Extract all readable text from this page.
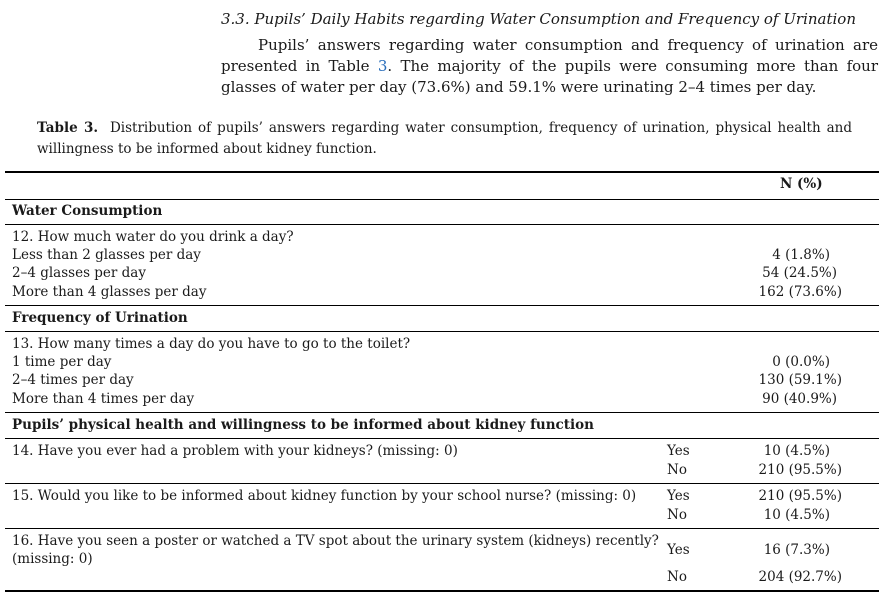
3.3. Pupils’ Daily Habits regarding Water Consumption and Frequency of Urination
Pupils’ answers regarding water consumption and frequency of urination are presented in Table 3. The majority of the pupils were consuming more than four glasses of water per day (73.6%) and 59.1% were urinating 2–4 times per day.
Table 3. Distribution of pupils’ answers regarding water consumption, frequency of urination, physical health and willingness to be informed about kidney function.
N (%)
Water Consumption
12. How much water do you drink a day?
Less than 2 glasses per day	4 (1.8%)
2–4 glasses per day	54 (24.5%)
More than 4 glasses per day	162 (73.6%)
Frequency of Urination
13. How many times a day do you have to go to the toilet?
1 time per day	0 (0.0%)
2–4 times per day	130 (59.1%)
More than 4 times per day	90 (40.9%)
Pupils’ physical health and willingness to be informed about kidney function
14. Have you ever had a problem with your kidneys? (missing: 0)	Yes	10 (4.5%)
No	210 (95.5%)
15. Would you like to be informed about kidney function by your school nurse? (missing: 0) Yes	210 (95.5%)
No	10 (4.5%)
16. Have you seen a poster or watched a TV spot about the urinary system (kidneys) recently?
(missing: 0)
Yes	16 (7.3%)
No	204 (92.7%)
